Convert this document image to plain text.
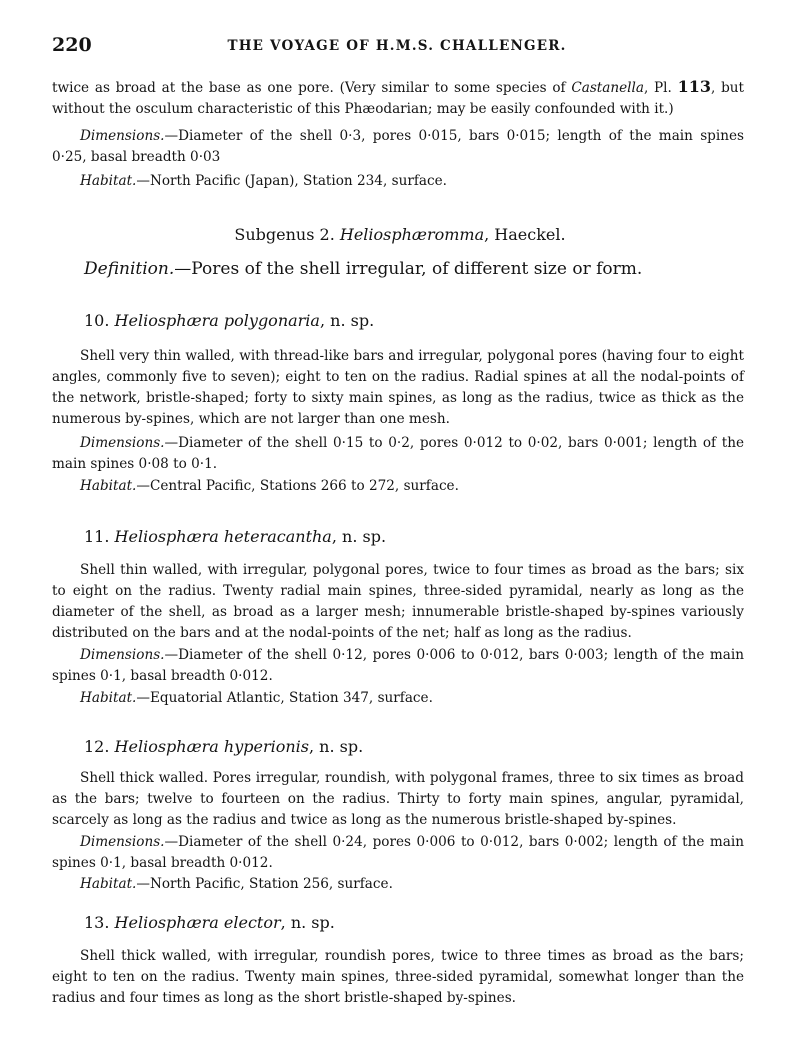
220	THE VOYAGE OF H.M.S. CHALLENGER.

twice as broad at the base as one pore. (Very similar to some species of Castanella, Pl. 113, but without the osculum characteristic of this Phæodarian; may be easily confounded with it.)

Dimensions.—Diameter of the shell 0·3, pores 0·015, bars 0·015; length of the main spines 0·25, basal breadth 0·03

Habitat.—North Pacific (Japan), Station 234, surface.

Subgenus 2. Heliosphæromma, Haeckel.

Definition.—Pores of the shell irregular, of different size or form.

10. Heliosphæra polygonaria, n. sp.

Shell very thin walled, with thread-like bars and irregular, polygonal pores (having four to eight angles, commonly five to seven); eight to ten on the radius. Radial spines at all the nodal-points of the network, bristle-shaped; forty to sixty main spines, as long as the radius, twice as thick as the numerous by-spines, which are not larger than one mesh.

Dimensions.—Diameter of the shell 0·15 to 0·2, pores 0·012 to 0·02, bars 0·001; length of the main spines 0·08 to 0·1.

Habitat.—Central Pacific, Stations 266 to 272, surface.

11. Heliosphæra heteracantha, n. sp.

Shell thin walled, with irregular, polygonal pores, twice to four times as broad as the bars; six to eight on the radius. Twenty radial main spines, three-sided pyramidal, nearly as long as the diameter of the shell, as broad as a larger mesh; innumerable bristle-shaped by-spines variously distributed on the bars and at the nodal-points of the net; half as long as the radius.

Dimensions.—Diameter of the shell 0·12, pores 0·006 to 0·012, bars 0·003; length of the main spines 0·1, basal breadth 0·012.

Habitat.—Equatorial Atlantic, Station 347, surface.

12. Heliosphæra hyperionis, n. sp.

Shell thick walled. Pores irregular, roundish, with polygonal frames, three to six times as broad as the bars; twelve to fourteen on the radius. Thirty to forty main spines, angular, pyramidal, scarcely as long as the radius and twice as long as the numerous bristle-shaped by-spines.

Dimensions.—Diameter of the shell 0·24, pores 0·006 to 0·012, bars 0·002; length of the main spines 0·1, basal breadth 0·012.

Habitat.—North Pacific, Station 256, surface.

13. Heliosphæra elector, n. sp.

Shell thick walled, with irregular, roundish pores, twice to three times as broad as the bars; eight to ten on the radius. Twenty main spines, three-sided pyramidal, somewhat longer than the radius and four times as long as the short bristle-shaped by-spines.
